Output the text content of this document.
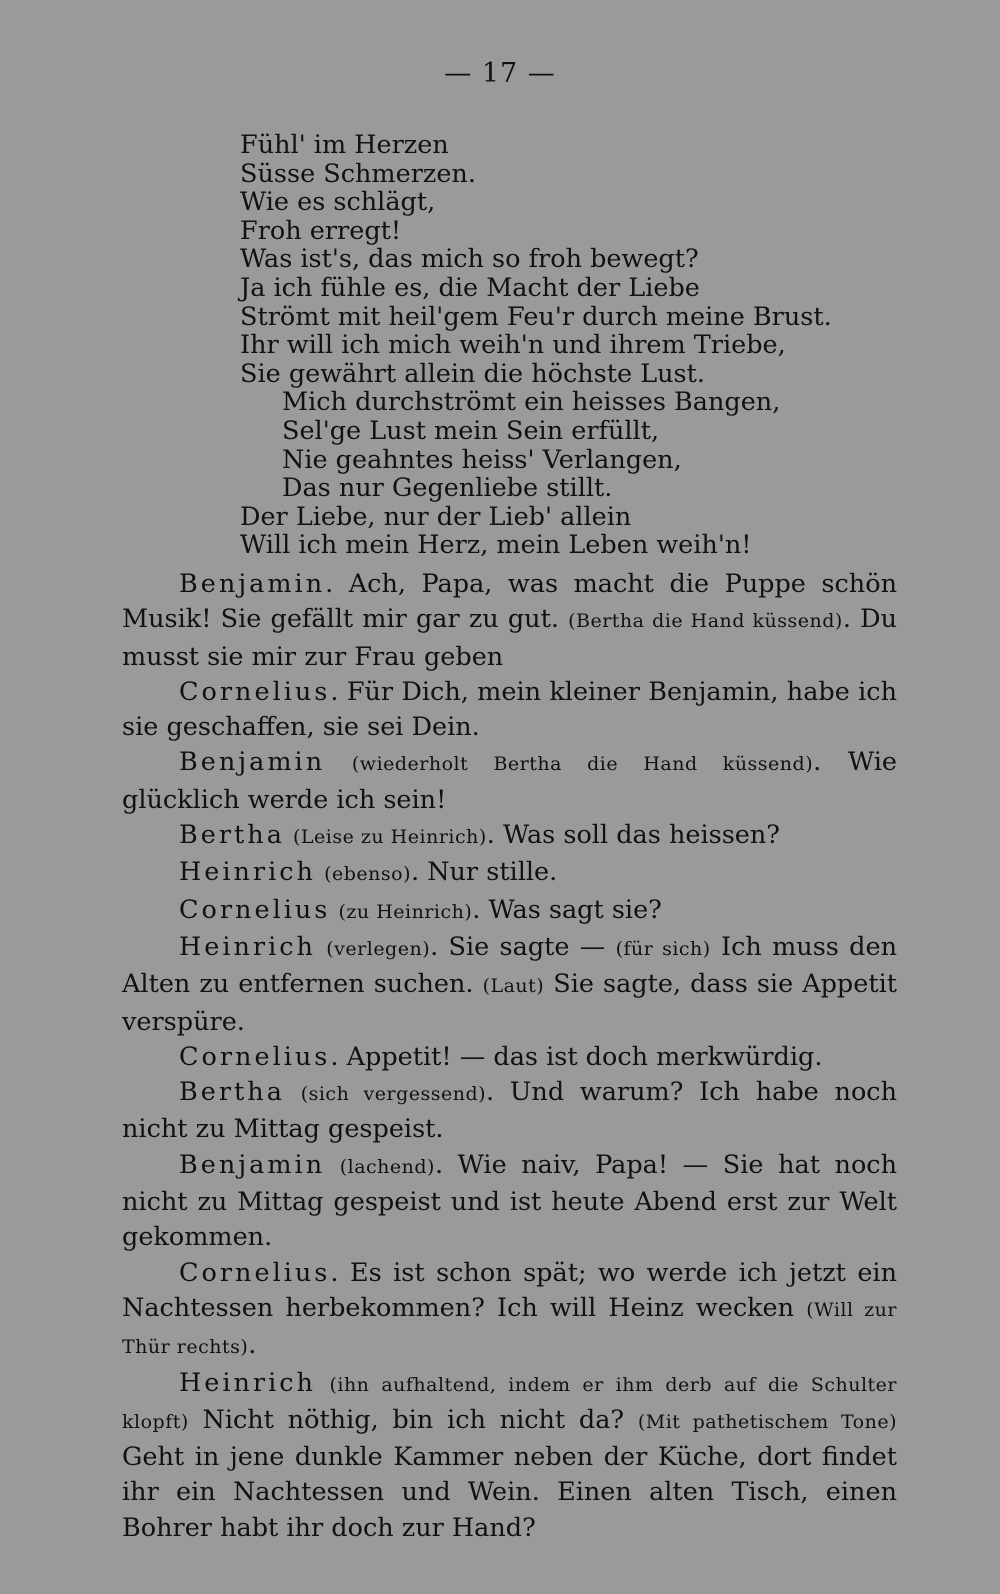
— 17 —
Fühl' im Herzen
Süsse Schmerzen.
Wie es schlägt,
Froh erregt!
Was ist's, das mich so froh bewegt?
Ja ich fühle es, die Macht der Liebe
Strömt mit heil'gem Feu'r durch meine Brust.
Ihr will ich mich weih'n und ihrem Triebe,
Sie gewährt allein die höchste Lust.
Mich durchströmt ein heisses Bangen,
Sel'ge Lust mein Sein erfüllt,
Nie geahntes heiss' Verlangen,
Das nur Gegenliebe stillt.
Der Liebe, nur der Lieb' allein
Will ich mein Herz, mein Leben weih'n!

Benjamin. Ach, Papa, was macht die Puppe schön Musik! Sie gefällt mir gar zu gut. (Bertha die Hand küssend). Du musst sie mir zur Frau geben

Cornelius. Für Dich, mein kleiner Benjamin, habe ich sie geschaffen, sie sei Dein.

Benjamin (wiederholt Bertha die Hand küssend). Wie glücklich werde ich sein!

Bertha (Leise zu Heinrich). Was soll das heissen?

Heinrich (ebenso). Nur stille.

Cornelius (zu Heinrich). Was sagt sie?

Heinrich (verlegen). Sie sagte — (für sich) Ich muss den Alten zu entfernen suchen. (Laut) Sie sagte, dass sie Appetit verspüre.

Cornelius. Appetit! — das ist doch merkwürdig.

Bertha (sich vergessend). Und warum? Ich habe noch nicht zu Mittag gespeist.

Benjamin (lachend). Wie naiv, Papa! — Sie hat noch nicht zu Mittag gespeist und ist heute Abend erst zur Welt gekommen.

Cornelius. Es ist schon spät; wo werde ich jetzt ein Nachtessen herbekommen? Ich will Heinz wecken (Will zur Thür rechts).

Heinrich (ihn aufhaltend, indem er ihm derb auf die Schulter klopft) Nicht nöthig, bin ich nicht da? (Mit pathetischem Tone) Geht in jene dunkle Kammer neben der Küche, dort findet ihr ein Nachtessen und Wein. Einen alten Tisch, einen Bohrer habt ihr doch zur Hand?
